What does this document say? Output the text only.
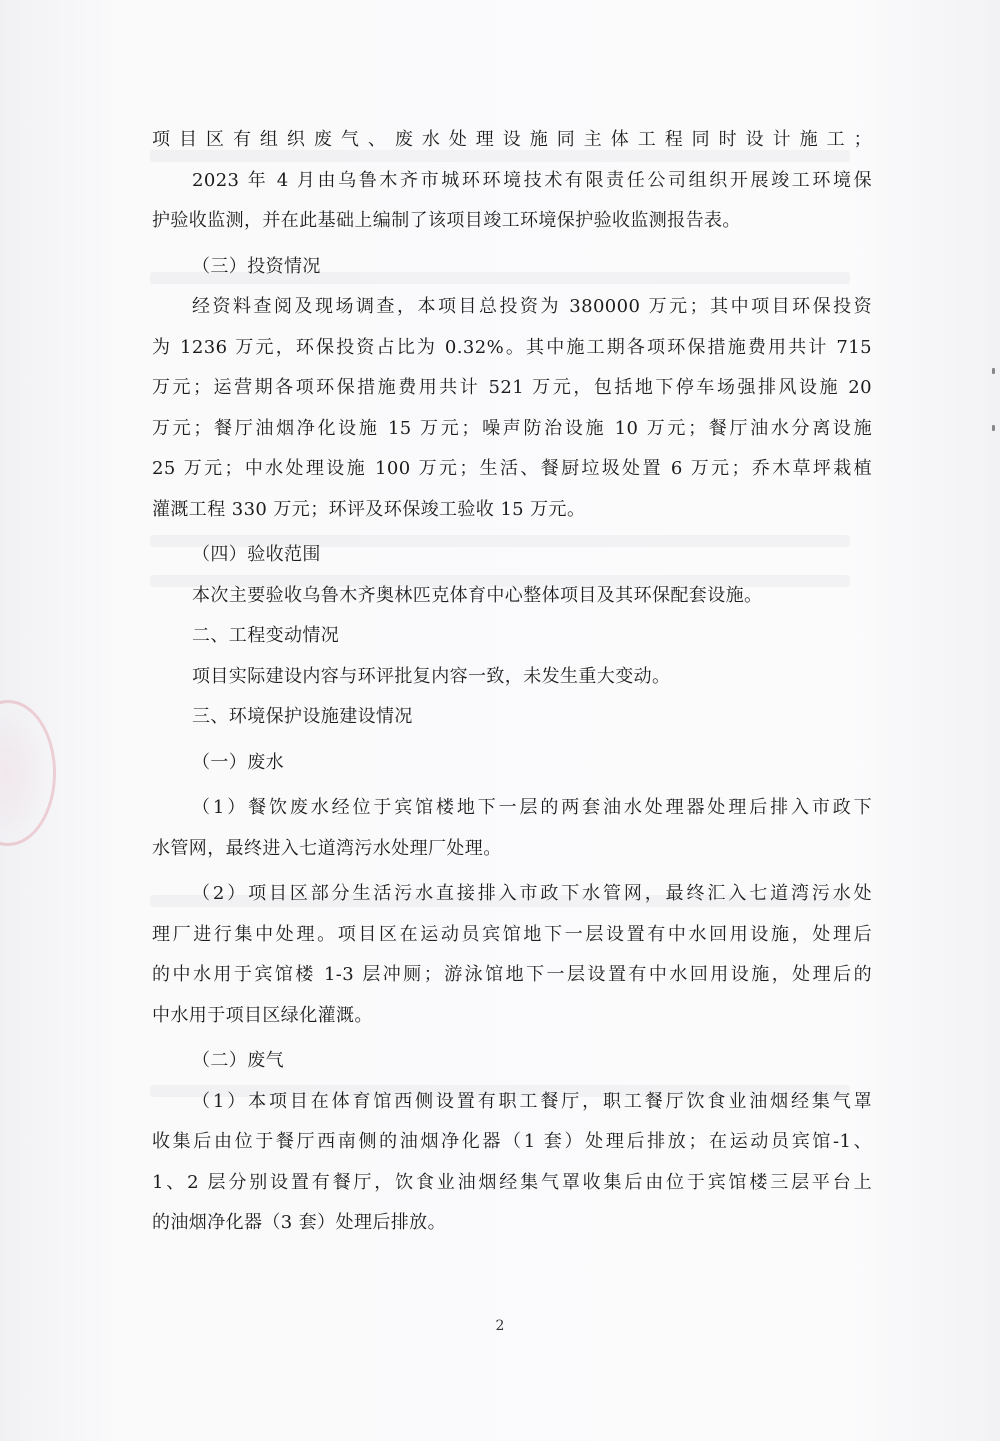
项目区有组织废气、废水处理设施同主体工程同时设计施工；
2023 年 4 月由乌鲁木齐市城环环境技术有限责任公司组织开展竣工环境保
护验收监测，并在此基础上编制了该项目竣工环境保护验收监测报告表。
（三）投资情况
经资料查阅及现场调查，本项目总投资为 380000 万元；其中项目环保投资
为 1236 万元，环保投资占比为 0.32%。其中施工期各项环保措施费用共计 715
万元；运营期各项环保措施费用共计 521 万元，包括地下停车场强排风设施 20
万元；餐厅油烟净化设施 15 万元；噪声防治设施 10 万元；餐厅油水分离设施
25 万元；中水处理设施 100 万元；生活、餐厨垃圾处置 6 万元；乔木草坪栽植
灌溉工程 330 万元；环评及环保竣工验收 15 万元。
（四）验收范围
本次主要验收乌鲁木齐奥林匹克体育中心整体项目及其环保配套设施。
二、工程变动情况
项目实际建设内容与环评批复内容一致，未发生重大变动。
三、环境保护设施建设情况
（一）废水
（1）餐饮废水经位于宾馆楼地下一层的两套油水处理器处理后排入市政下
水管网，最终进入七道湾污水处理厂处理。
（2）项目区部分生活污水直接排入市政下水管网，最终汇入七道湾污水处
理厂进行集中处理。项目区在运动员宾馆地下一层设置有中水回用设施，处理后
的中水用于宾馆楼 1-3 层冲厕；游泳馆地下一层设置有中水回用设施，处理后的
中水用于项目区绿化灌溉。
（二）废气
（1）本项目在体育馆西侧设置有职工餐厅，职工餐厅饮食业油烟经集气罩
收集后由位于餐厅西南侧的油烟净化器（1 套）处理后排放；在运动员宾馆-1、
1、2 层分别设置有餐厅，饮食业油烟经集气罩收集后由位于宾馆楼三层平台上
的油烟净化器（3 套）处理后排放。
2
